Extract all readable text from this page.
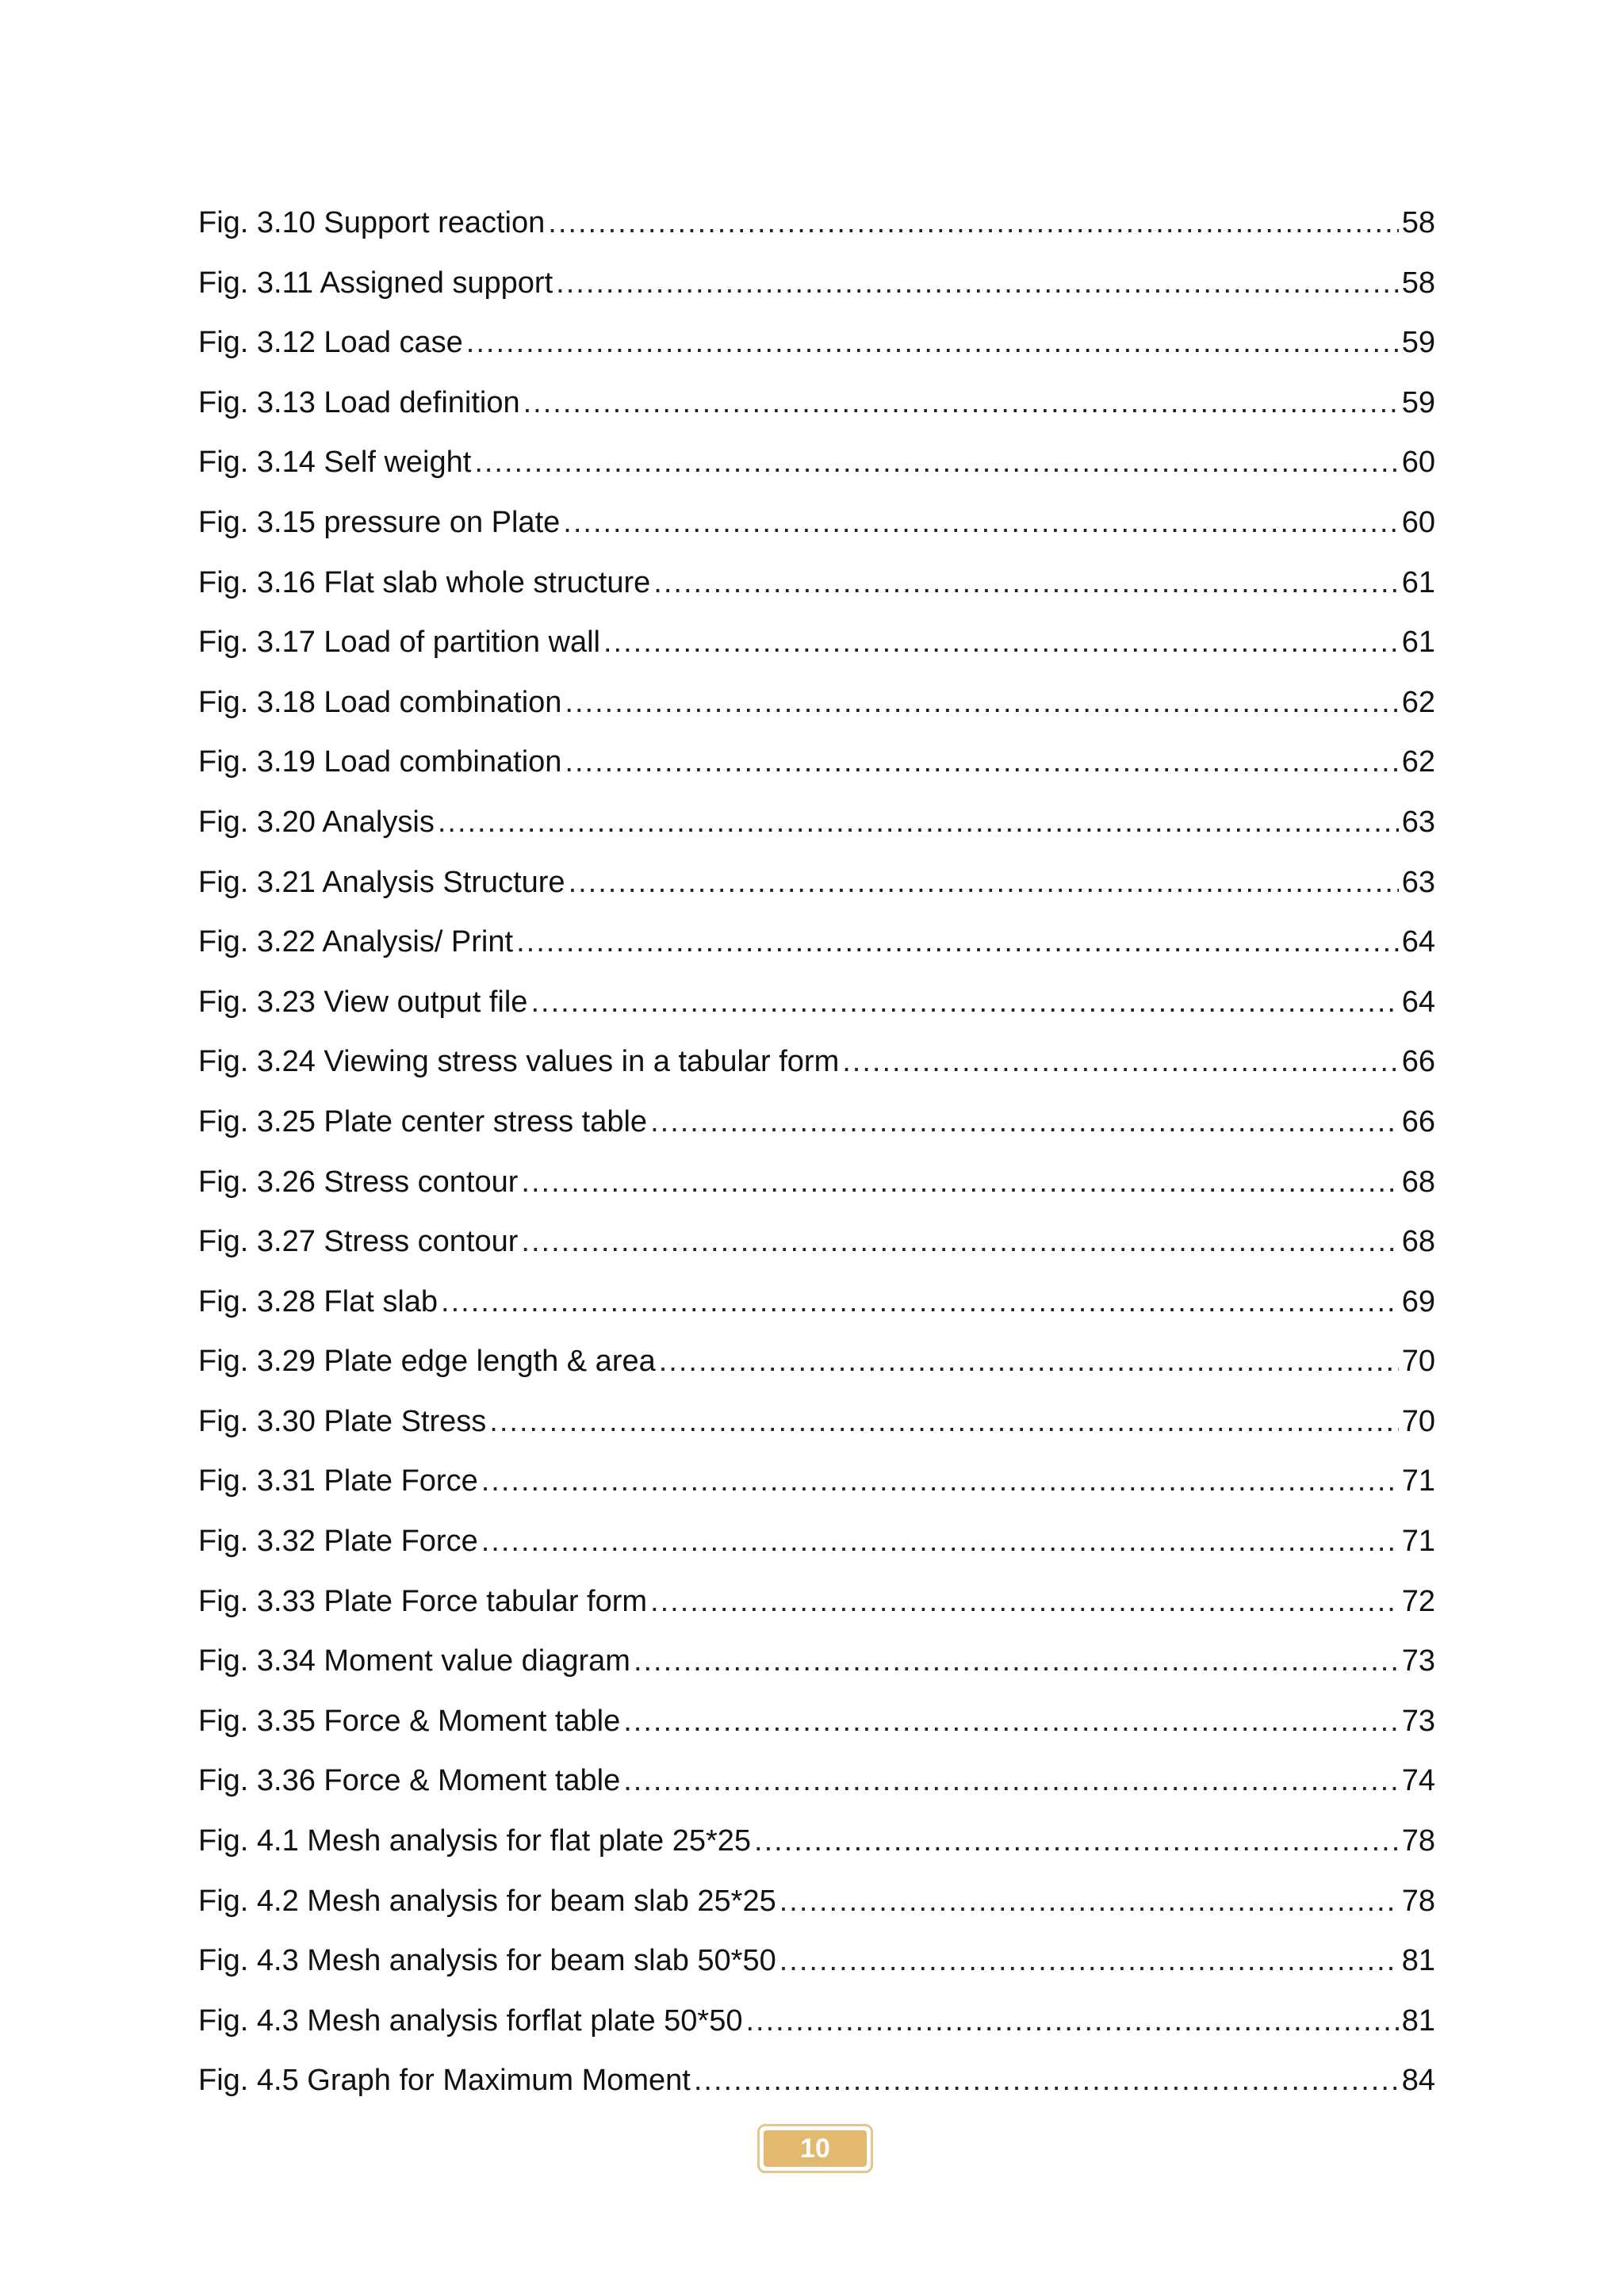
Fig. 3.10 Support reaction .....	58
Fig. 3.11 Assigned support .....	58
Fig. 3.12 Load case .....	59
Fig. 3.13 Load definition .....	59
Fig. 3.14 Self weight .....	60
Fig. 3.15 pressure on Plate .....	60
Fig. 3.16 Flat slab whole structure .....	61
Fig. 3.17 Load of partition wall .....	61
Fig. 3.18 Load combination .....	62
Fig. 3.19 Load combination .....	62
Fig. 3.20 Analysis .....	63
Fig. 3.21 Analysis Structure .....	63
Fig. 3.22 Analysis/ Print .....	64
Fig. 3.23 View output file .....	64
Fig. 3.24 Viewing stress values in a tabular form .....	66
Fig. 3.25 Plate center stress table .....	66
Fig. 3.26 Stress contour .....	68
Fig. 3.27 Stress contour .....	68
Fig. 3.28 Flat slab .....	69
Fig. 3.29 Plate edge length & area .....	70
Fig. 3.30 Plate Stress .....	70
Fig. 3.31 Plate Force .....	71
Fig. 3.32 Plate Force .....	71
Fig. 3.33 Plate Force tabular form .....	72
Fig. 3.34 Moment value diagram .....	73
Fig. 3.35 Force & Moment table .....	73
Fig. 3.36 Force & Moment table .....	74
Fig. 4.1 Mesh analysis for flat plate 25*25 .....	78
Fig. 4.2 Mesh analysis for beam slab 25*25 .....	78
Fig. 4.3 Mesh analysis for beam slab 50*50 .....	81
Fig. 4.3 Mesh analysis forflat plate 50*50 .....	81
Fig. 4.5 Graph for Maximum Moment .....	84
10
